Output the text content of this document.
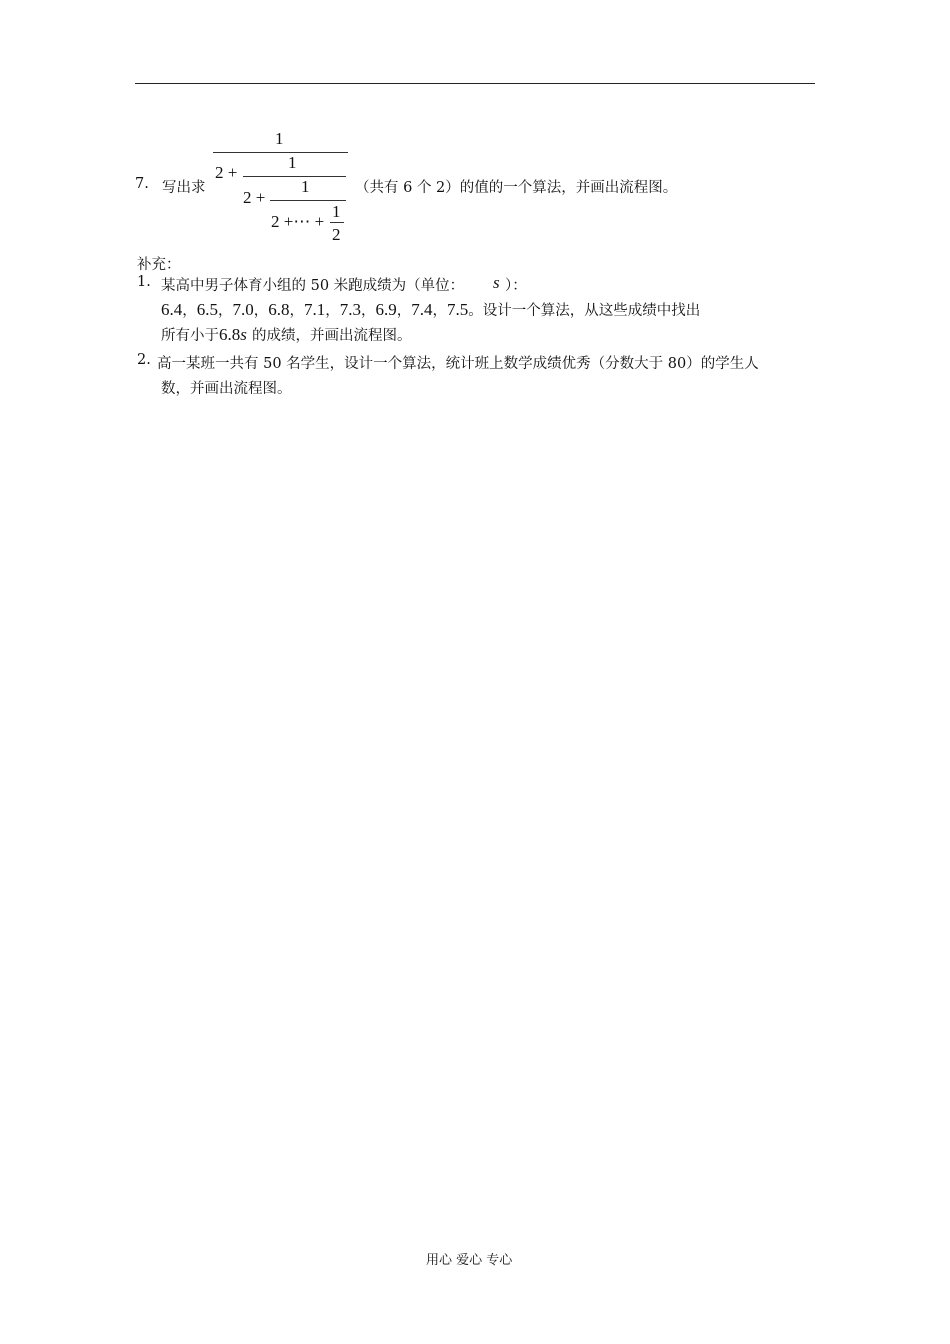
7. 写出求
1
2 +
1
2 +
1
2 +⋯ +
1
2
（共有 6 个 2）的值的一个算法，并画出流程图。
补充：
1. 某高中男子体育小组的 50 米跑成绩为（单位： s ）：
6.4，6.5，7.0，6.8，7.1，7.3，6.9，7.4，7.5。设计一个算法，从这些成绩中找出
所有小于6.8s 的成绩，并画出流程图。
2. 高一某班一共有 50 名学生，设计一个算法，统计班上数学成绩优秀（分数大于 80）的学生人
数，并画出流程图。
用心 爱心 专心
